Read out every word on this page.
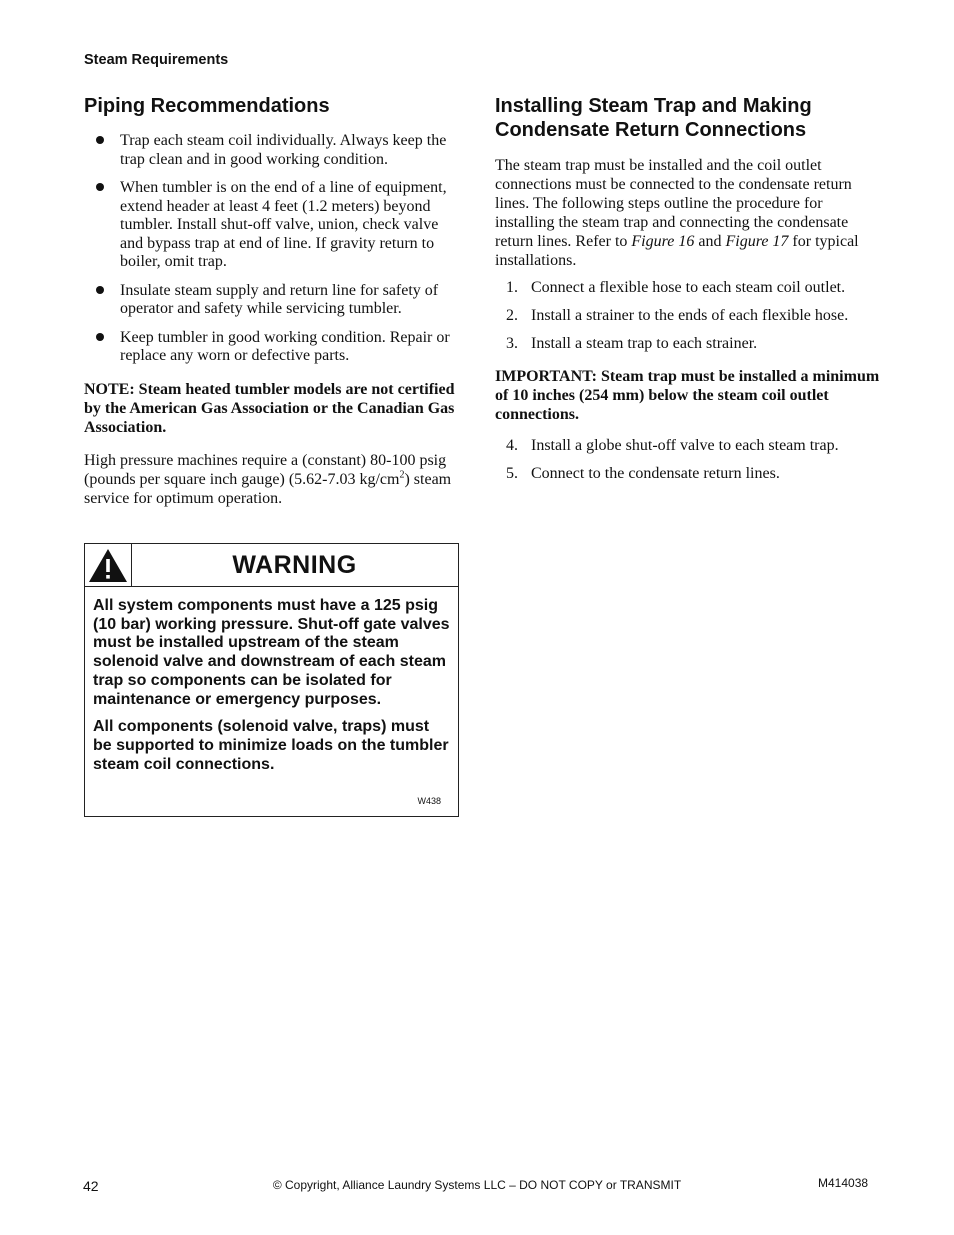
Steam Requirements
Piping Recommendations
Trap each steam coil individually. Always keep the trap clean and in good working condition.
When tumbler is on the end of a line of equipment, extend header at least 4 feet (1.2 meters) beyond tumbler. Install shut-off valve, union, check valve and bypass trap at end of line. If gravity return to boiler, omit trap.
Insulate steam supply and return line for safety of operator and safety while servicing tumbler.
Keep tumbler in good working condition. Repair or replace any worn or defective parts.

NOTE: Steam heated tumbler models are not certified by the American Gas Association or the Canadian Gas Association.

High pressure machines require a (constant) 80-100 psig (pounds per square inch gauge) (5.62-7.03 $kg/cm^2$) steam service for optimum operation.

WARNING

All system components must have a 125 psig (10 bar) working pressure. Shut-off gate valves must be installed upstream of the steam solenoid valve and downstream of each steam trap so components can be isolated for maintenance or emergency purposes.

All components (solenoid valve, traps) must be supported to minimize loads on the tumbler steam coil connections.

W438
Installing Steam Trap and Making Condensate Return Connections

The steam trap must be installed and the coil outlet connections must be connected to the condensate return lines. The following steps outline the procedure for installing the steam trap and connecting the condensate return lines. Refer to Figure 16 and Figure 17 for typical installations.

1. Connect a flexible hose to each steam coil outlet.
2. Install a strainer to the ends of each flexible hose.
3. Install a steam trap to each strainer.

IMPORTANT: Steam trap must be installed a minimum of 10 inches (254 mm) below the steam coil outlet connections.

4. Install a globe shut-off valve to each steam trap.
5. Connect to the condensate return lines.
42	© Copyright, Alliance Laundry Systems LLC – DO NOT COPY or TRANSMIT	M414038
